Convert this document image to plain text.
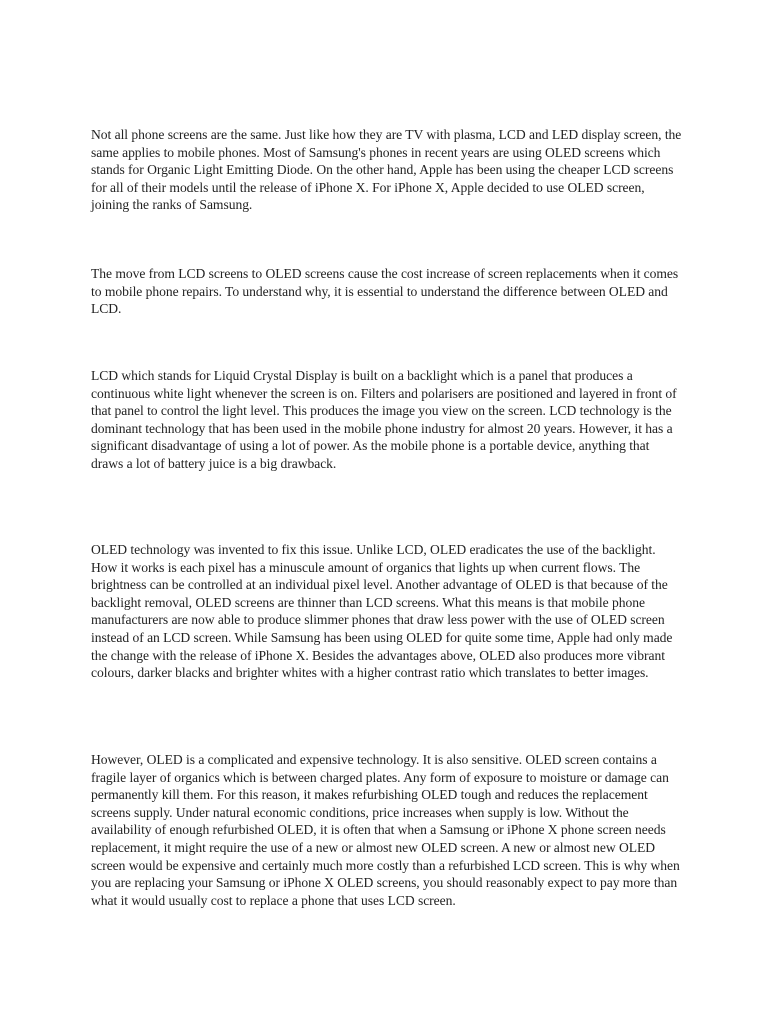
Not all phone screens are the same. Just like how they are TV with plasma, LCD and LED display screen, the same applies to mobile phones. Most of Samsung's phones in recent years are using OLED screens which stands for Organic Light Emitting Diode. On the other hand, Apple has been using the cheaper LCD screens for all of their models until the release of iPhone X. For iPhone X, Apple decided to use OLED screen, joining the ranks of Samsung.

The move from LCD screens to OLED screens cause the cost increase of screen replacements when it comes to mobile phone repairs. To understand why, it is essential to understand the difference between OLED and LCD.

LCD which stands for Liquid Crystal Display is built on a backlight which is a panel that produces a continuous white light whenever the screen is on. Filters and polarisers are positioned and layered in front of that panel to control the light level. This produces the image you view on the screen. LCD technology is the dominant technology that has been used in the mobile phone industry for almost 20 years. However, it has a significant disadvantage of using a lot of power. As the mobile phone is a portable device, anything that draws a lot of battery juice is a big drawback.

OLED technology was invented to fix this issue. Unlike LCD, OLED eradicates the use of the backlight. How it works is each pixel has a minuscule amount of organics that lights up when current flows. The brightness can be controlled at an individual pixel level. Another advantage of OLED is that because of the backlight removal, OLED screens are thinner than LCD screens. What this means is that mobile phone manufacturers are now able to produce slimmer phones that draw less power with the use of OLED screen instead of an LCD screen. While Samsung has been using OLED for quite some time, Apple had only made the change with the release of iPhone X. Besides the advantages above, OLED also produces more vibrant colours, darker blacks and brighter whites with a higher contrast ratio which translates to better images.

However, OLED is a complicated and expensive technology. It is also sensitive. OLED screen contains a fragile layer of organics which is between charged plates. Any form of exposure to moisture or damage can permanently kill them. For this reason, it makes refurbishing OLED tough and reduces the replacement screens supply. Under natural economic conditions, price increases when supply is low. Without the availability of enough refurbished OLED, it is often that when a Samsung or iPhone X phone screen needs replacement, it might require the use of a new or almost new OLED screen. A new or almost new OLED screen would be expensive and certainly much more costly than a refurbished LCD screen. This is why when you are replacing your Samsung or iPhone X OLED screens, you should reasonably expect to pay more than what it would usually cost to replace a phone that uses LCD screen.
